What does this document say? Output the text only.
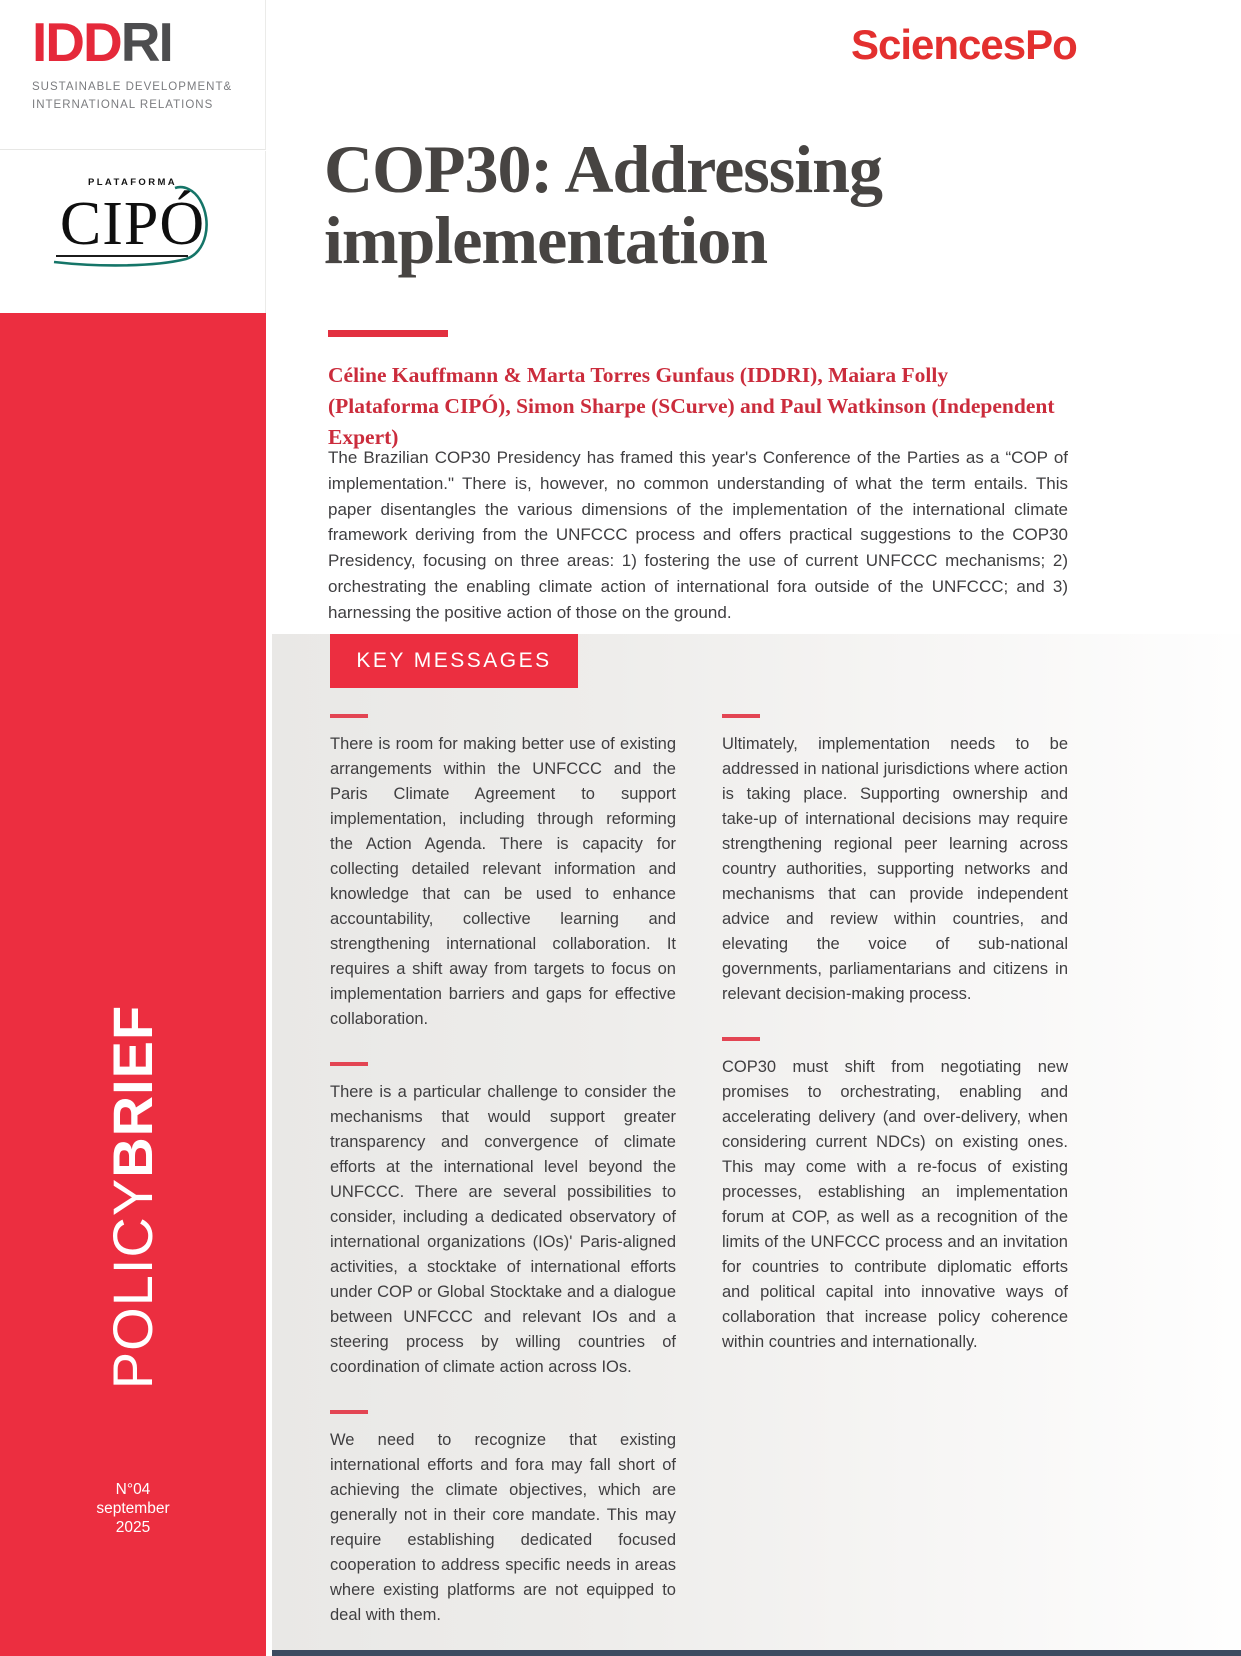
IDDRI
SUSTAINABLE DEVELOPMENT&
INTERNATIONAL RELATIONS
PLATAFORMA
CIPÓ
POLICYBRIEF
N°04
september
2025
SciencesPo
COP30: Addressing
implementation

Céline Kauffmann & Marta Torres Gunfaus (IDDRI), Maiara Folly (Plataforma CIPÓ), Simon Sharpe (SCurve) and Paul Watkinson (Independent Expert)

The Brazilian COP30 Presidency has framed this year's Conference of the Parties as a “COP of implementation." There is, however, no common understanding of what the term entails. This paper disentangles the various dimensions of the implementation of the international climate framework deriving from the UNFCCC process and offers practical suggestions to the COP30 Presidency, focusing on three areas: 1) fostering the use of current UNFCCC mechanisms; 2) orchestrating the enabling climate action of international fora outside of the UNFCCC; and 3) harnessing the positive action of those on the ground.

KEY MESSAGES

There is room for making better use of existing arrangements within the UNFCCC and the Paris Climate Agreement to support implementation, including through reforming the Action Agenda. There is capacity for collecting detailed relevant information and knowledge that can be used to enhance accountability, collective learning and strengthening international collaboration. It requires a shift away from targets to focus on implementation barriers and gaps for effective collaboration.

There is a particular challenge to consider the mechanisms that would support greater transparency and convergence of climate efforts at the international level beyond the UNFCCC. There are several possibilities to consider, including a dedicated observatory of international organizations (IOs)' Paris-aligned activities, a stocktake of international efforts under COP or Global Stocktake and a dialogue between UNFCCC and relevant IOs and a steering process by willing countries of coordination of climate action across IOs.

We need to recognize that existing international efforts and fora may fall short of achieving the climate objectives, which are generally not in their core mandate. This may require establishing dedicated focused cooperation to address specific needs in areas where existing platforms are not equipped to deal with them.

Ultimately, implementation needs to be addressed in national jurisdictions where action is taking place. Supporting ownership and take-up of international decisions may require strengthening regional peer learning across country authorities, supporting networks and mechanisms that can provide independent advice and review within countries, and elevating the voice of sub-national governments, parliamentarians and citizens in relevant decision-making process.

COP30 must shift from negotiating new promises to orchestrating, enabling and accelerating delivery (and over-delivery, when considering current NDCs) on existing ones. This may come with a re-focus of existing processes, establishing an implementation forum at COP, as well as a recognition of the limits of the UNFCCC process and an invitation for countries to contribute diplomatic efforts and political capital into innovative ways of collaboration that increase policy coherence within countries and internationally.
